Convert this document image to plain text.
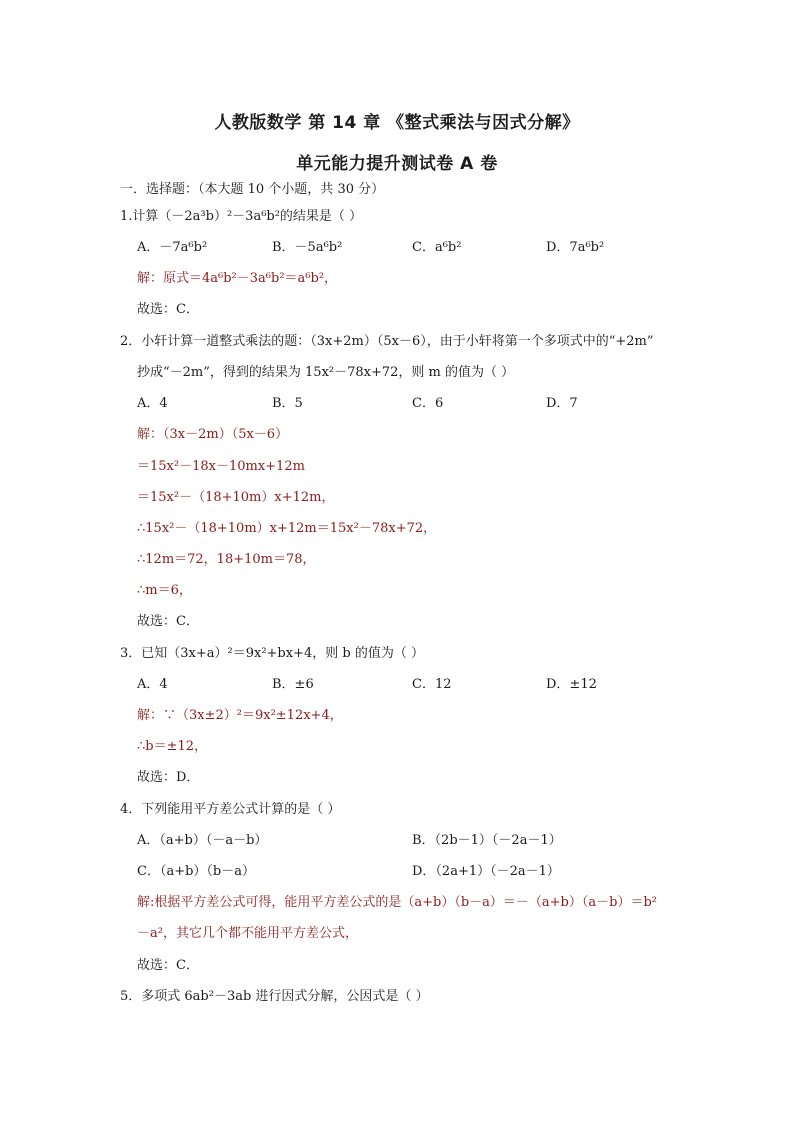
人教版数学 第 14 章 《整式乘法与因式分解》
单元能力提升测试卷 A 卷
一．选择题：（本大题 10 个小题，共 30 分）
1.计算（－2a³b）²－3a⁶b²的结果是（ ）
A．－7a⁶b²	B．－5a⁶b²	C．a⁶b²	D．7a⁶b²
解：原式＝4a⁶b²－3a⁶b²＝a⁶b²，
故选：C．
2．小轩计算一道整式乘法的题：（3x+2m）（5x－6），由于小轩将第一个多项式中的“+2m”
抄成“－2m”，得到的结果为 15x²－78x+72，则 m 的值为（ ）
A．4	B．5	C．6	D．7
解：（3x－2m）（5x－6）
＝15x²－18x－10mx+12m
＝15x²－（18+10m）x+12m，
∴15x²－（18+10m）x+12m＝15x²－78x+72，
∴12m＝72，18+10m＝78，
∴m＝6，
故选：C．
3．已知（3x+a）²＝9x²+bx+4，则 b 的值为（ ）
A．4	B．±6	C．12	D．±12
解：∵（3x±2）²＝9x²±12x+4，
∴b＝±12，
故选：D．
4．下列能用平方差公式计算的是（ ）
A．（a+b）（－a－b）	B．（2b－1）（－2a－1）
C．（a+b）（b－a）	D．（2a+1）（－2a－1）
解:根据平方差公式可得，能用平方差公式的是（a+b）（b－a）＝－（a+b）（a－b）＝b²
－a²，其它几个都不能用平方差公式，
故选：C．
5．多项式 6ab²－3ab 进行因式分解，公因式是（ ）
